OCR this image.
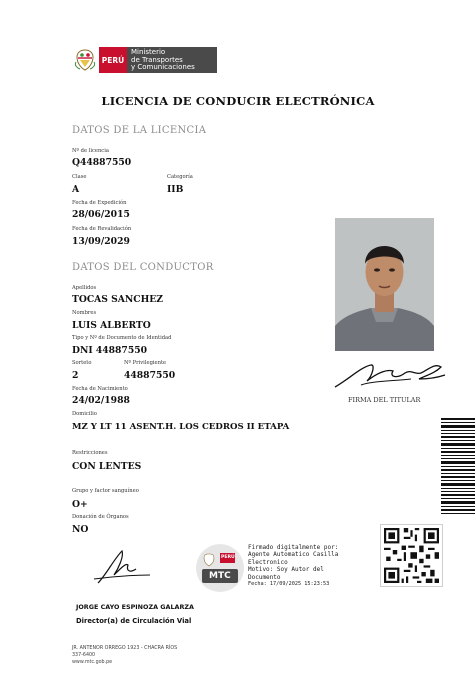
PERÚ
Ministerio
de Transportes
y Comunicaciones
LICENCIA DE CONDUCIR ELECTRÓNICA
DATOS DE LA LICENCIA
Nº de licencia
Q44887550
Clase
A
Categoría
IIB
Fecha de Expedición
28/06/2015
Fecha de Revalidación
13/09/2029
DATOS DEL CONDUCTOR
Apellidos
TOCAS SANCHEZ
Nombres
LUIS ALBERTO
Tipo y Nº de Documento de Identidad
DNI 44887550
Sorteto
2
Nº Privilegiente
44887550
Fecha de Nacimiento
24/02/1988
Domicilio
MZ Y LT 11 ASENT.H. LOS CEDROS II ETAPA
Restricciones
CON LENTES
Grupo y factor sanguíneo
O+
Donación de Órganos
NO
FIRMA DEL TITULAR
JORGE CAYO ESPINOZA GALARZA
Director(a) de Circulación Vial
PERÚ
MTC
Firmado digitalmente por:
Agente Automatico Casilla
Electronico
Motivo: Soy Autor del
Documento
Fecha: 17/09/2025 15:23:53
JR. ANTENOR ORREGO 1923 - CHACRA RÍOS
337-6400
www.mtc.gob.pe
